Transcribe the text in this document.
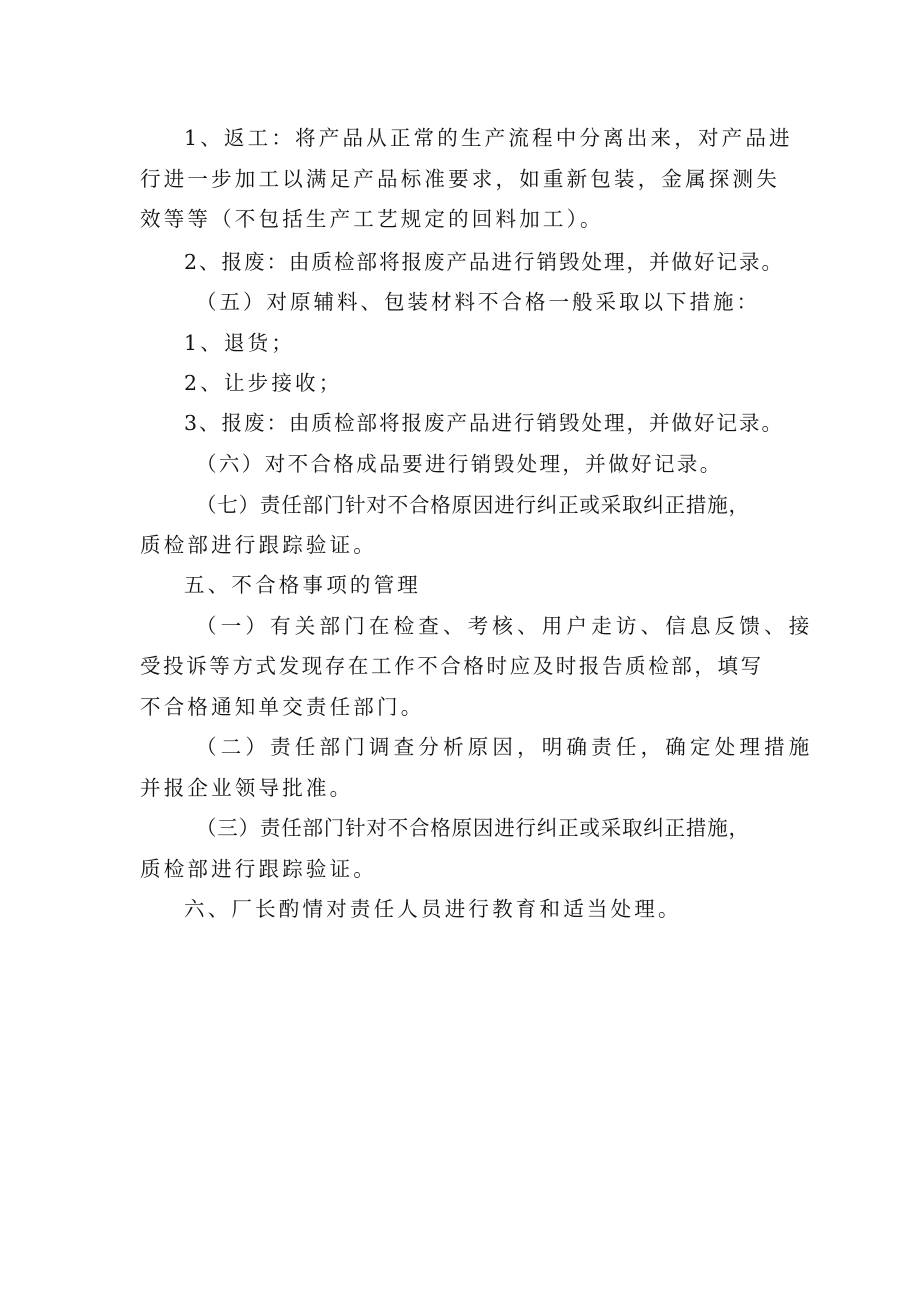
1、返工：将产品从正常的生产流程中分离出来，对产品进
行进一步加工以满足产品标准要求，如重新包装，金属探测失
效等等（不包括生产工艺规定的回料加工）。
2、报废：由质检部将报废产品进行销毁处理，并做好记录。
（五）对原辅料、包装材料不合格一般采取以下措施：
1、退货；
2、让步接收；
3、报废：由质检部将报废产品进行销毁处理，并做好记录。
（六）对不合格成品要进行销毁处理，并做好记录。
（七）责任部门针对不合格原因进行纠正或采取纠正措施，
质检部进行跟踪验证。
五、不合格事项的管理
（一）有关部门在检查、考核、用户走访、信息反馈、接
受投诉等方式发现存在工作不合格时应及时报告质检部，填写
不合格通知单交责任部门。
（二）责任部门调查分析原因，明确责任，确定处理措施
并报企业领导批准。
（三）责任部门针对不合格原因进行纠正或采取纠正措施，
质检部进行跟踪验证。
六、厂长酌情对责任人员进行教育和适当处理。
